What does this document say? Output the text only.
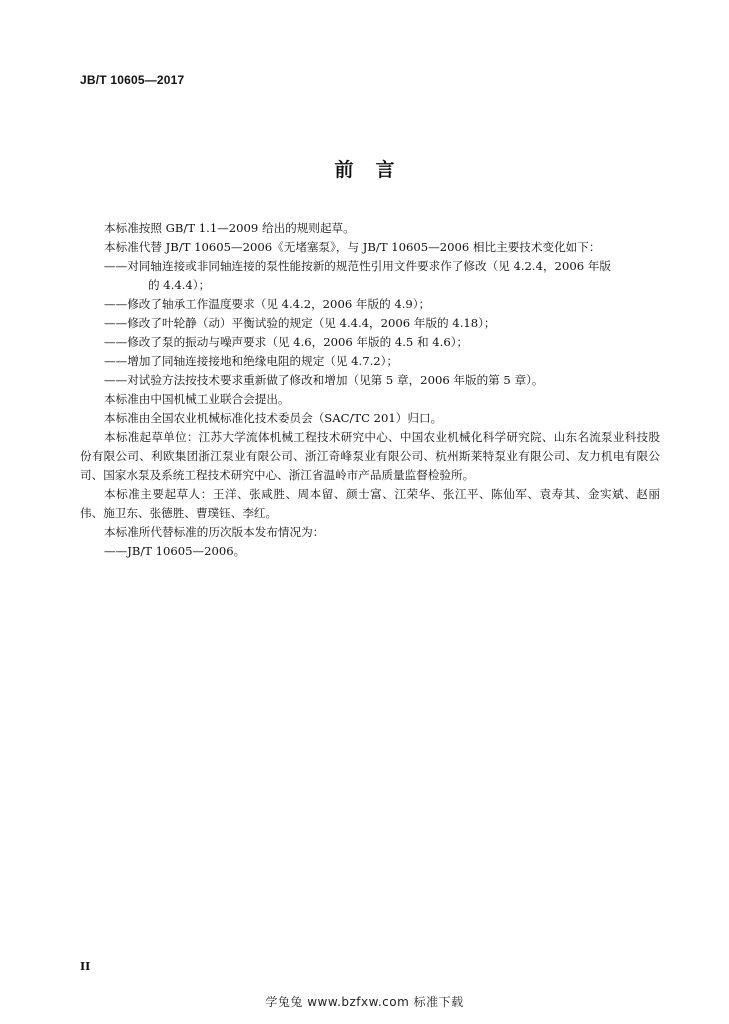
JB/T 10605—2017
前言

本标准按照 GB/T 1.1—2009 给出的规则起草。

本标准代替 JB/T 10605—2006《无堵塞泵》，与 JB/T 10605—2006 相比主要技术变化如下：

——对同轴连接或非同轴连接的泵性能按新的规范性引用文件要求作了修改（见 4.2.4，2006 年版
的 4.4.4）；

——修改了轴承工作温度要求（见 4.4.2，2006 年版的 4.9）；

——修改了叶轮静（动）平衡试验的规定（见 4.4.4，2006 年版的 4.18）；

——修改了泵的振动与噪声要求（见 4.6，2006 年版的 4.5 和 4.6）；

——增加了同轴连接接地和绝缘电阻的规定（见 4.7.2）；

——对试验方法按技术要求重新做了修改和增加（见第 5 章，2006 年版的第 5 章）。

本标准由中国机械工业联合会提出。

本标准由全国农业机械标准化技术委员会（SAC/TC 201）归口。

本标准起草单位：江苏大学流体机械工程技术研究中心、中国农业机械化科学研究院、山东名流泵业科技股份有限公司、利欧集团浙江泵业有限公司、浙江奇峰泵业有限公司、杭州斯莱特泵业有限公司、友力机电有限公司、国家水泵及系统工程技术研究中心、浙江省温岭市产品质量监督检验所。

本标准主要起草人：王洋、张咸胜、周本留、颜士富、江荣华、张江平、陈仙军、袁寿其、金实斌、赵丽伟、施卫东、张德胜、曹璞钰、李红。

本标准所代替标准的历次版本发布情况为：

——JB/T 10605—2006。

II
学兔兔 www.bzfxw.com 标准下载
